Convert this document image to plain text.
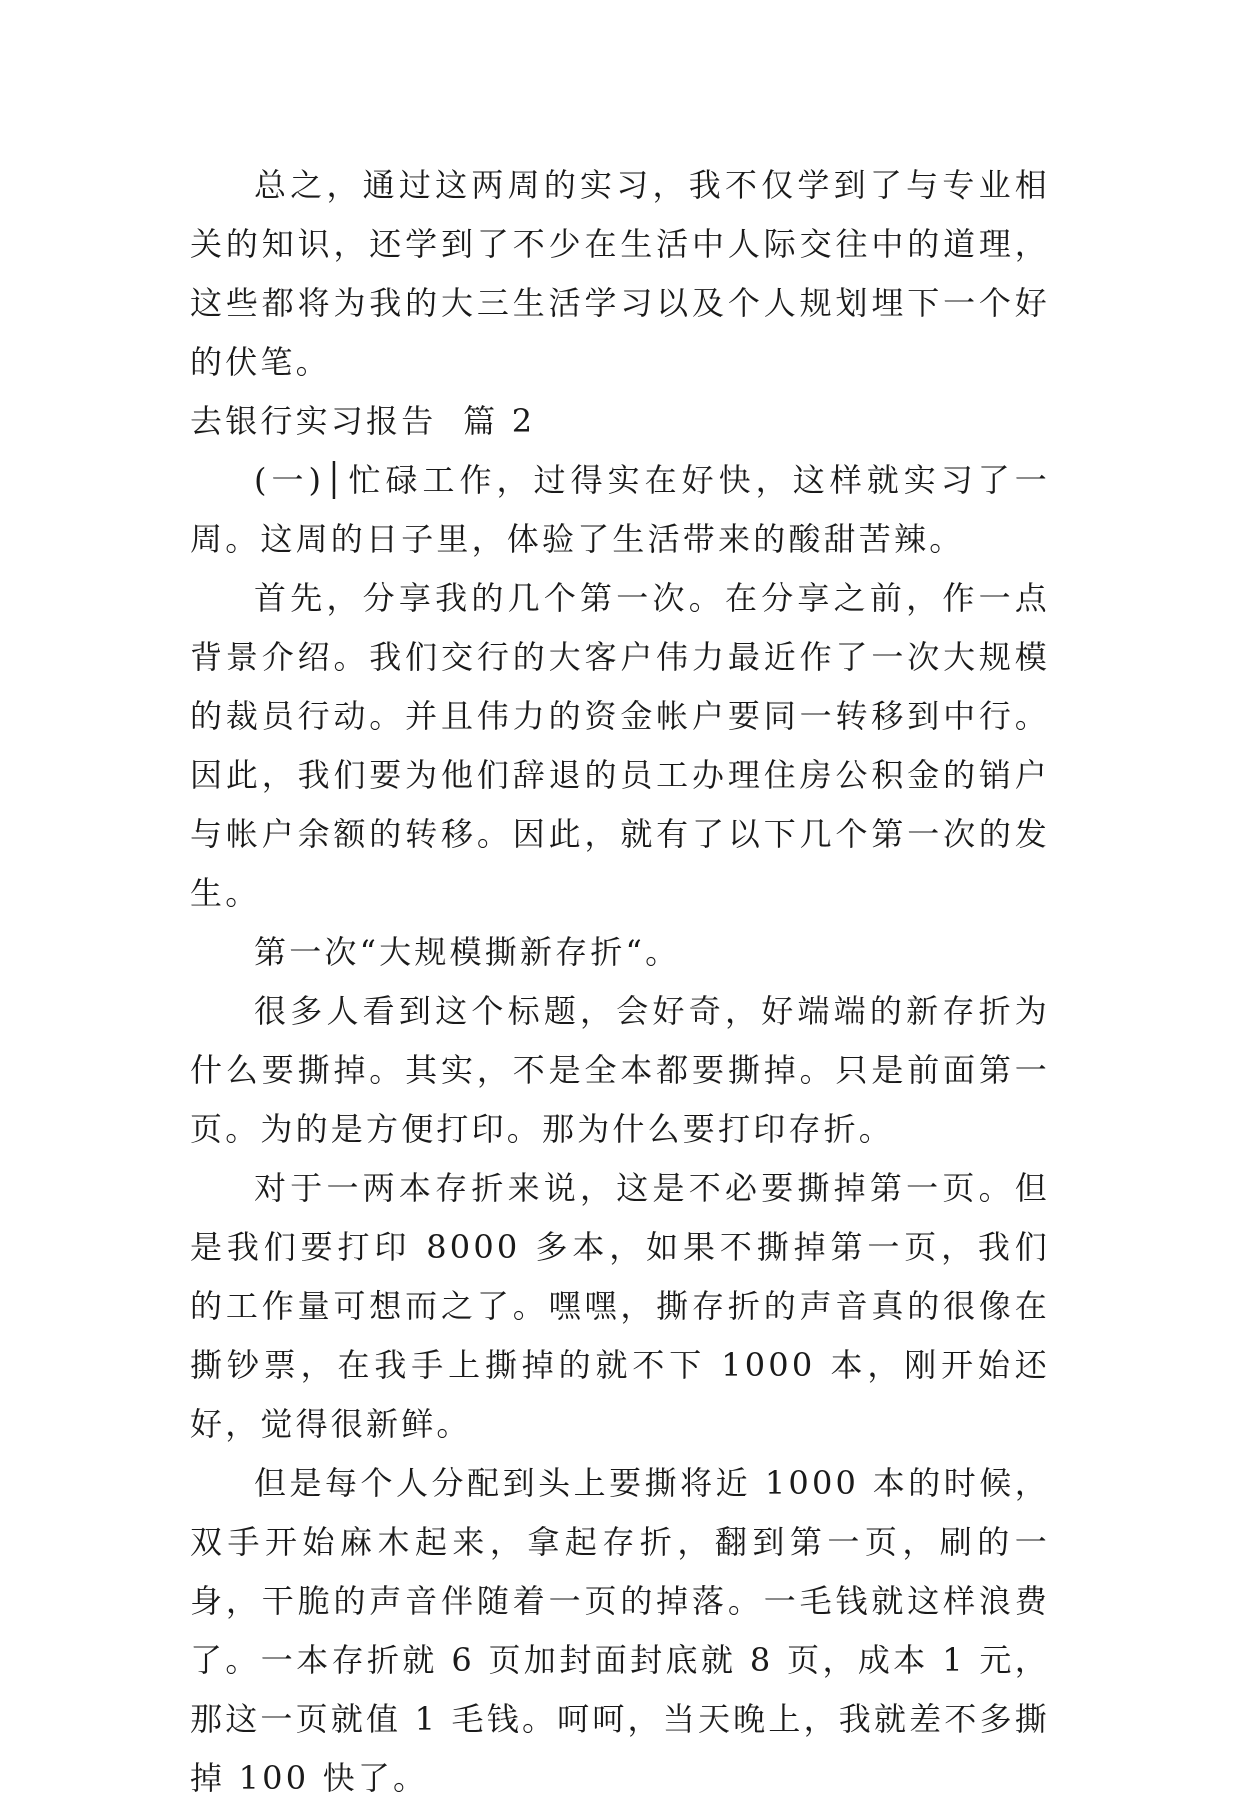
总之，通过这两周的实习，我不仅学到了与专业相关的知识，还学到了不少在生活中人际交往中的道理，这些都将为我的大三生活学习以及个人规划埋下一个好的伏笔。

去银行实习报告  篇 2

(一)│忙碌工作，过得实在好快，这样就实习了一周。这周的日子里，体验了生活带来的酸甜苦辣。

首先，分享我的几个第一次。在分享之前，作一点背景介绍。我们交行的大客户伟力最近作了一次大规模的裁员行动。并且伟力的资金帐户要同一转移到中行。因此，我们要为他们辞退的员工办理住房公积金的销户与帐户余额的转移。因此，就有了以下几个第一次的发生。

第一次“大规模撕新存折“。

很多人看到这个标题，会好奇，好端端的新存折为什么要撕掉。其实，不是全本都要撕掉。只是前面第一页。为的是方便打印。那为什么要打印存折。

对于一两本存折来说，这是不必要撕掉第一页。但是我们要打印 8000 多本，如果不撕掉第一页，我们的工作量可想而之了。嘿嘿，撕存折的声音真的很像在撕钞票，在我手上撕掉的就不下 1000 本，刚开始还好，觉得很新鲜。

但是每个人分配到头上要撕将近 1000 本的时候，双手开始麻木起来，拿起存折，翻到第一页，刷的一身，干脆的声音伴随着一页的掉落。一毛钱就这样浪费了。一本存折就 6 页加封面封底就 8 页，成本 1 元，那这一页就值 1 毛钱。呵呵，当天晚上，我就差不多撕掉 100 快了。
